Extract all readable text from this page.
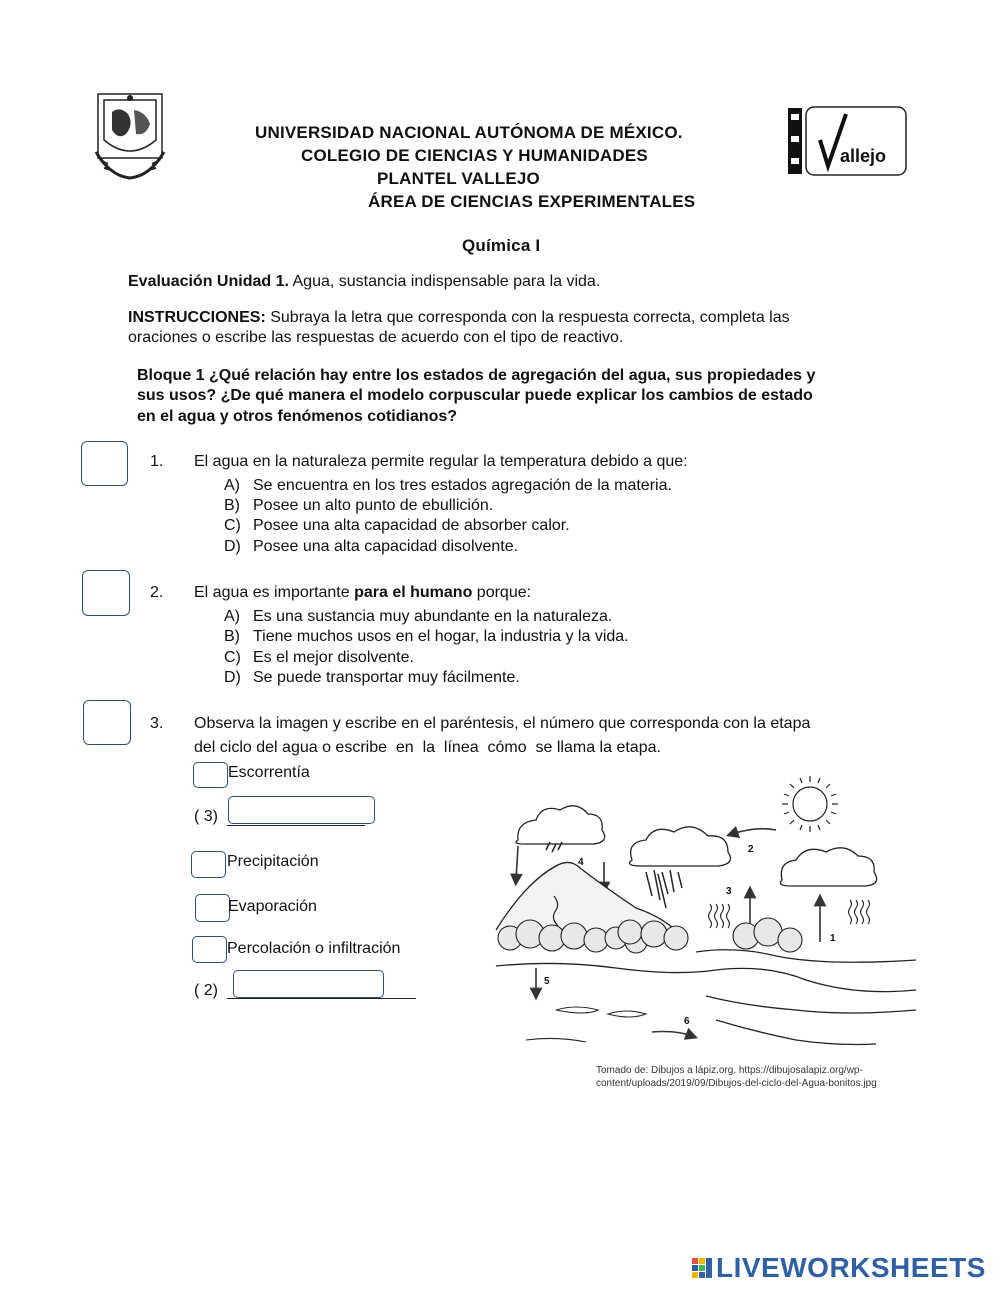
allejo
UNIVERSIDAD NACIONAL AUTÓNOMA DE MÉXICO.
COLEGIO DE CIENCIAS Y HUMANIDADES
PLANTEL VALLEJO
ÁREA DE CIENCIAS EXPERIMENTALES
Química I
Evaluación Unidad 1. Agua, sustancia indispensable para la vida.
INSTRUCCIONES: Subraya la letra que corresponda con la respuesta correcta, completa las
oraciones o escribe las respuestas de acuerdo con el tipo de reactivo.
Bloque 1 ¿Qué relación hay entre los estados de agregación del agua, sus propiedades y
sus usos? ¿De qué manera el modelo corpuscular puede explicar los cambios de estado
en el agua y otros fenómenos cotidianos?
1. El agua en la naturaleza permite regular la temperatura debido a que:
A) Se encuentra en los tres estados agregación de la materia.
B) Posee un alto punto de ebullición.
C) Posee una alta capacidad de absorber calor.
D) Posee una alta capacidad disolvente.
2. El agua es importante para el humano porque:
A) Es una sustancia muy abundante en la naturaleza.
B) Tiene muchos usos en el hogar, la industria y la vida.
C) Es el mejor disolvente.
D) Se puede transportar muy fácilmente.
3. Observa la imagen y escribe en el paréntesis, el número que corresponda con la etapa
del ciclo del agua o escribe  en  la  línea  cómo  se llama la etapa.
Escorrentía
( 3)
Precipitación
Evaporación
Percolación o infiltración
( 2)
1
2
3
4
5
6
Tomado de: Dibujos a lápiz.org. https://dibujosalapiz.org/wp-
content/uploads/2019/09/Dibujos-del-ciclo-del-Agua-bonitos.jpg
LIVEWORKSHEETS
